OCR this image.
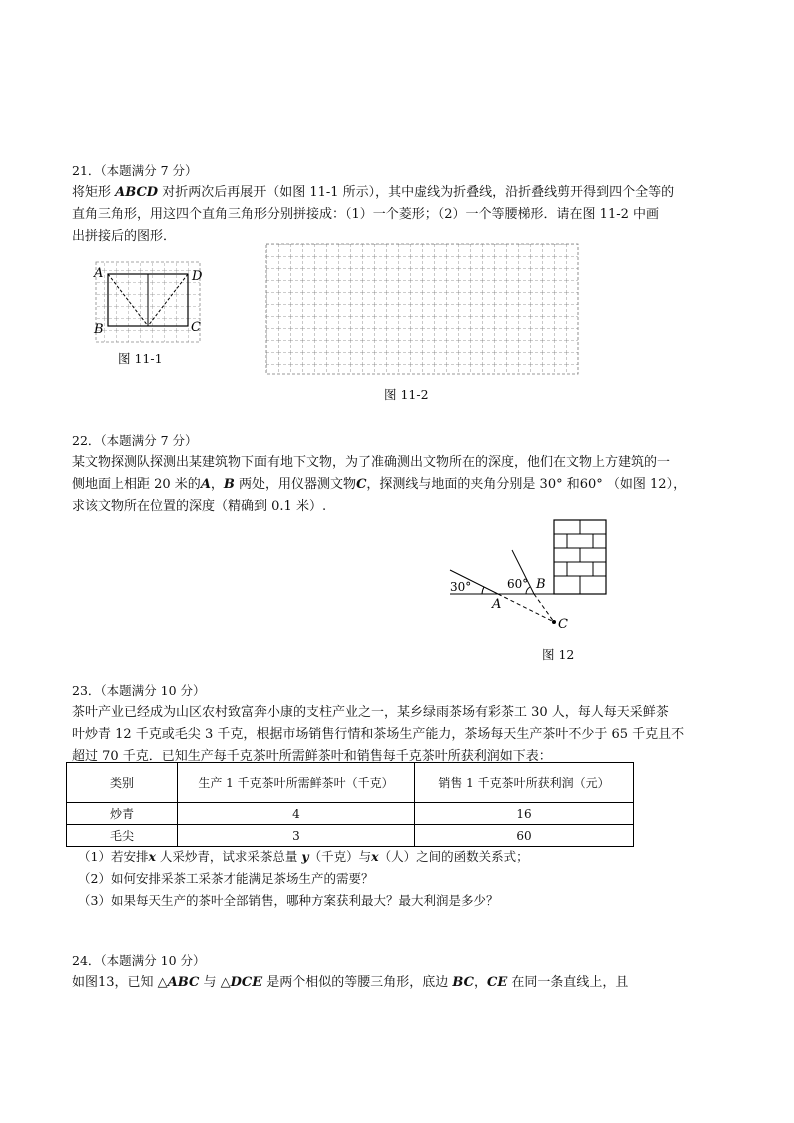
21．（本题满分 7 分）
将矩形 ABCD 对折两次后再展开（如图 11-1 所示），其中虚线为折叠线，沿折叠线剪开得到四个全等的
直角三角形，用这四个直角三角形分别拼接成：（1）一个菱形；（2）一个等腰梯形．请在图 11-2 中画
出拼接后的图形．
A	D
B	C
图 11-1
图 11-2
22．（本题满分 7 分）
某文物探测队探测出某建筑物下面有地下文物，为了准确测出文物所在的深度，他们在文物上方建筑的一
侧地面上相距 20 米的A，B 两处，用仪器测文物C，探测线与地面的夹角分别是 30° 和60° （如图 12），
求该文物所在位置的深度（精确到 0.1 米）.
30°	60°
A
B
C
图 12
23．（本题满分 10 分）
茶叶产业已经成为山区农村致富奔小康的支柱产业之一，某乡绿雨茶场有彩茶工 30 人，每人每天采鲜茶
叶炒青 12 千克或毛尖 3 千克，根据市场销售行情和茶场生产能力，茶场每天生产茶叶不少于 65 千克且不
超过 70 千克．已知生产每千克茶叶所需鲜茶叶和销售每千克茶叶所获利润如下表：
类别	生产 1 千克茶叶所需鲜茶叶（千克）	销售 1 千克茶叶所获利润（元）
炒青	4	16
毛尖	3	60
（1）若安排x 人采炒青，试求采茶总量 y（千克）与x（人）之间的函数关系式；
（2）如何安排采茶工采茶才能满足茶场生产的需要？
（3）如果每天生产的茶叶全部销售，哪种方案获利最大？最大利润是多少？
24．（本题满分 10 分）
如图13，已知 △ABC 与 △DCE 是两个相似的等腰三角形，底边 BC，CE 在同一条直线上，且
